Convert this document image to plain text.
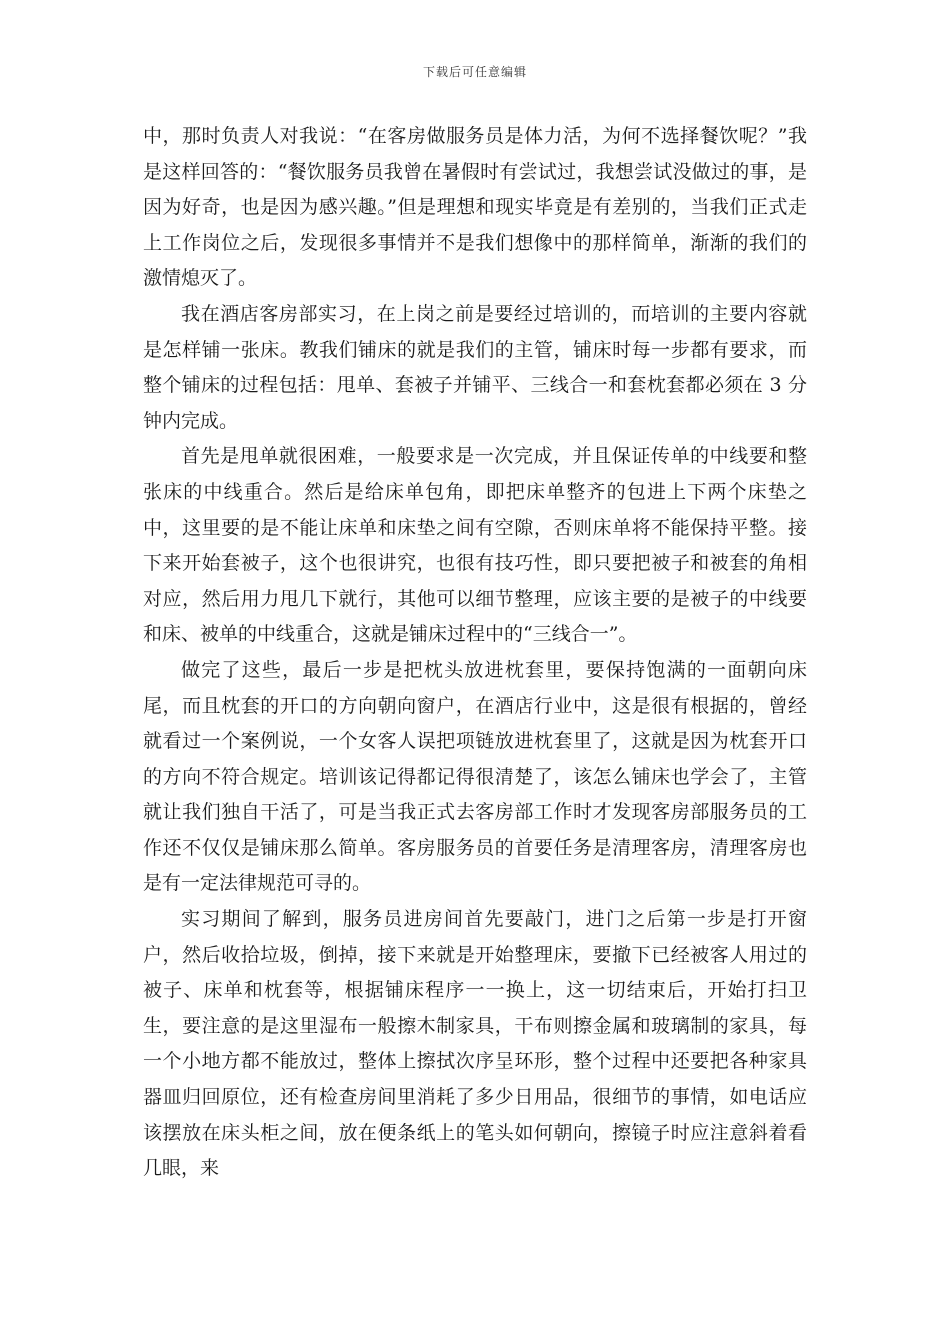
下载后可任意编辑

中，那时负责人对我说：“在客房做服务员是体力活，为何不选择餐饮呢？”我是这样回答的：“餐饮服务员我曾在暑假时有尝试过，我想尝试没做过的事，是因为好奇，也是因为感兴趣。”但是理想和现实毕竟是有差别的，当我们正式走上工作岗位之后，发现很多事情并不是我们想像中的那样简单，渐渐的我们的激情熄灭了。

我在酒店客房部实习，在上岗之前是要经过培训的，而培训的主要内容就是怎样铺一张床。教我们铺床的就是我们的主管，铺床时每一步都有要求，而整个铺床的过程包括：甩单、套被子并铺平、三线合一和套枕套都必须在 3 分钟内完成。

首先是甩单就很困难，一般要求是一次完成，并且保证传单的中线要和整张床的中线重合。然后是给床单包角，即把床单整齐的包进上下两个床垫之中，这里要的是不能让床单和床垫之间有空隙，否则床单将不能保持平整。接下来开始套被子，这个也很讲究，也很有技巧性，即只要把被子和被套的角相对应，然后用力甩几下就行，其他可以细节整理，应该主要的是被子的中线要和床、被单的中线重合，这就是铺床过程中的“三线合一”。

做完了这些，最后一步是把枕头放进枕套里，要保持饱满的一面朝向床尾，而且枕套的开口的方向朝向窗户，在酒店行业中，这是很有根据的，曾经就看过一个案例说，一个女客人误把项链放进枕套里了，这就是因为枕套开口的方向不符合规定。培训该记得都记得很清楚了，该怎么铺床也学会了，主管就让我们独自干活了，可是当我正式去客房部工作时才发现客房部服务员的工作还不仅仅是铺床那么简单。客房服务员的首要任务是清理客房，清理客房也是有一定法律规范可寻的。

实习期间了解到，服务员进房间首先要敲门，进门之后第一步是打开窗户，然后收拾垃圾，倒掉，接下来就是开始整理床，要撤下已经被客人用过的被子、床单和枕套等，根据铺床程序一一换上，这一切结束后，开始打扫卫生，要注意的是这里湿布一般擦木制家具，干布则擦金属和玻璃制的家具，每一个小地方都不能放过，整体上擦拭次序呈环形，整个过程中还要把各种家具器皿归回原位，还有检查房间里消耗了多少日用品，很细节的事情，如电话应该摆放在床头柜之间，放在便条纸上的笔头如何朝向，擦镜子时应注意斜着看几眼，来
